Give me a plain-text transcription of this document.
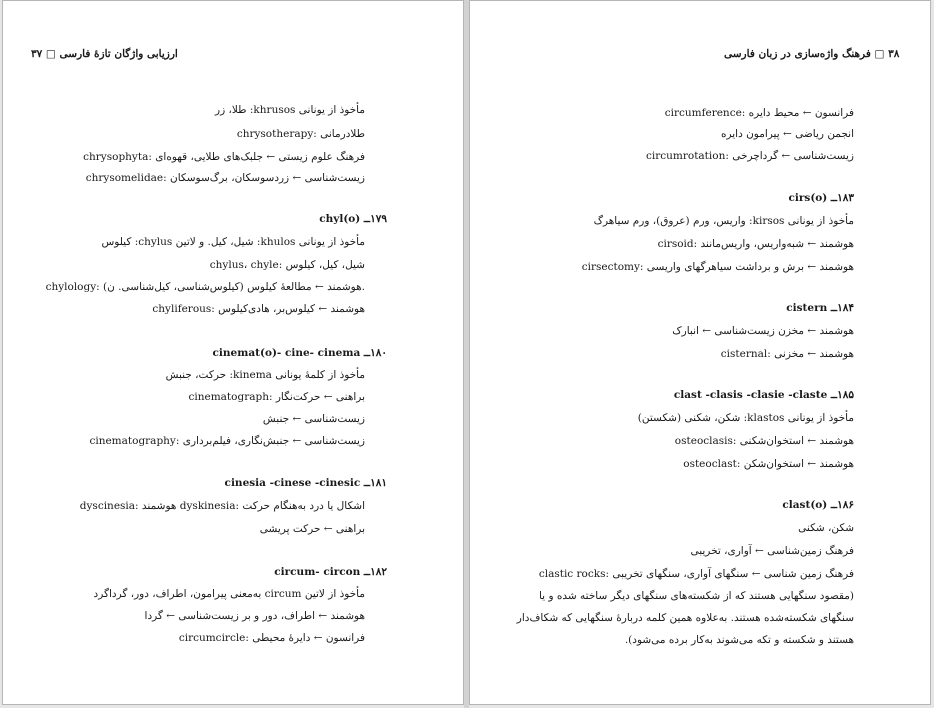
ارزیابی واژگان تازهٔ فارسی □ ۳۷
مأخوذ از یونانی khrusos: طلا، زر
chrysotherapy: طلادرمانی
chrysophyta: فرهنگ علوم زیستی ← جلبک‌های طلایی، قهوه‌ای
chrysomelidae: زیست‌شناسی ← زردسوسکان، برگ‌سوسکان
۱۷۹ــ chyl(o)
مأخوذ از یونانی khulos: شیل، کیل. و لاتین chylus: کیلوس
chylus، chyle: شیل، کیل، کیلوس
chylology: هوشمند ← مطالعهٔ کیلوس (کیلوس‌شناسی، کیل‌شناسی. ن).
chyliferous: هوشمند ← کیلوس‌بر، هادی‌کیلوس
۱۸۰ــ cinemat(o)- cine- cinema
مأخوذ از کلمهٔ یونانی kinema: حرکت، جنبش
cinematograph: براهنی ← حرکت‌نگار
زیست‌شناسی ← جنبش
cinematography: زیست‌شناسی ← جنبش‌نگاری، فیلم‌برداری
۱۸۱ــ cinesia -cinese -cinesic
dyscinesia: هوشمند dyskinesia: اشکال یا درد به‌هنگام حرکت
براهنی ← حرکت پریشی
۱۸۲ــ circum- circon
مأخوذ از لاتین circum به‌معنی پیرامون، اطراف، دور، گرداگرد
هوشمند ← اطراف، دور و بر زیست‌شناسی ← گردا
circumcircle: فرانسون ← دایرهٔ محیطی
۳۸ □ فرهنگ واژه‌سازی در زبان فارسی
circumference: فرانسون ← محیط دایره
انجمن ریاضی ← پیرامون دایره
circumrotation: زیست‌شناسی ← گرداچرخی
۱۸۳ــ cirs(o)
مأخوذ از یونانی kirsos: واریس، ورم (عروق)، ورم سیاهرگ
cirsoid: هوشمند ← شبه‌واریس، واریس‌مانند
cirsectomy: هوشمند ← برش و برداشت سیاهرگهای واریسی
۱۸۴ــ cistern
هوشمند ← مخزن زیست‌شناسی ← انبارک
cisternal: هوشمند ← مخزنی
۱۸۵ــ clast -clasis -clasie -claste
مأخوذ از یونانی klastos: شکن، شکنی (شکستن)
osteoclasis: هوشمند ← استخوان‌شکنی
osteoclast: هوشمند ← استخوان‌شکن
۱۸۶ــ clast(o)
شکن، شکنی
فرهنگ زمین‌شناسی ← آواری، تخریبی
clastic rocks: فرهنگ زمین شناسی ← سنگهای آواری، سنگهای تخریبی
(مقصود سنگهایی هستند که از شکسته‌های سنگهای دیگر ساخته شده و یا
سنگهای شکسته‌شده هستند. به‌علاوه همین کلمه دربارهٔ سنگهایی که شکاف‌دار
هستند و شکسته و تکه می‌شوند به‌کار برده می‌شود).
